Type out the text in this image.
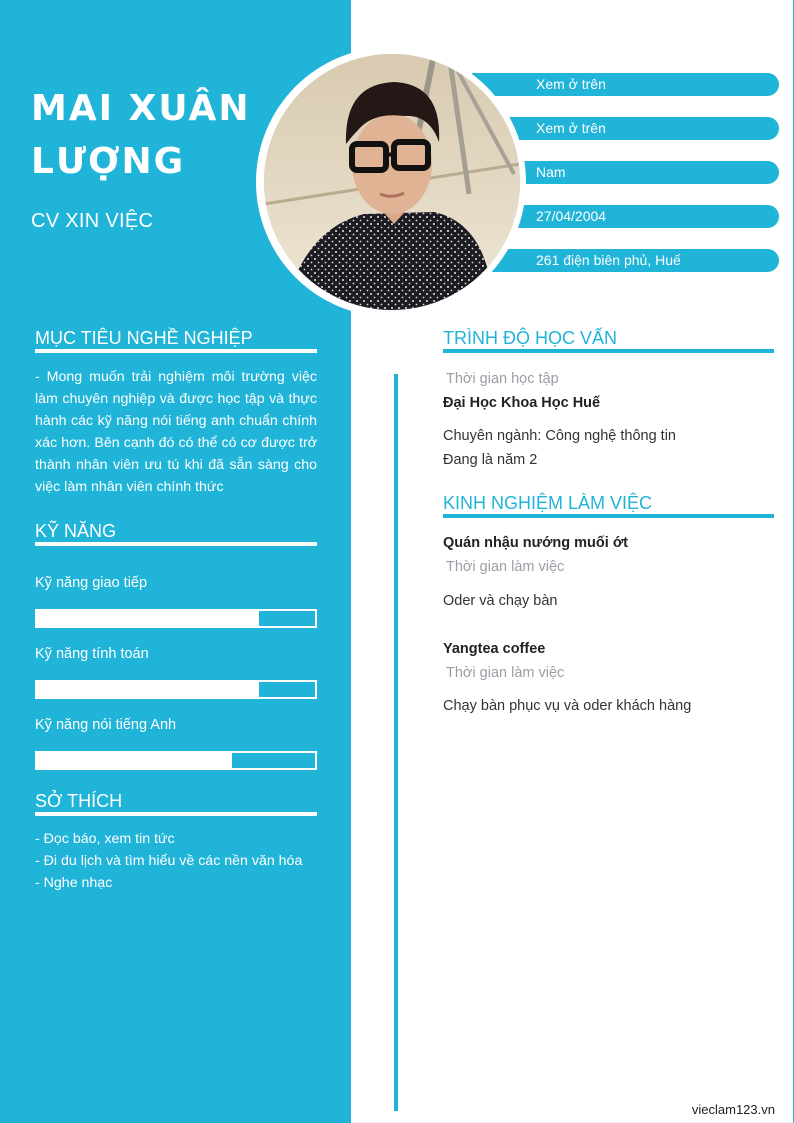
MAI XUÂN
LƯỢNG
CV XIN VIỆC
Xem ở trên
Xem ở trên
Nam
27/04/2004
261 điện biên phủ, Huế
MỤC TIÊU NGHỀ NGHIỆP
- Mong muốn trải nghiệm môi trường việc làm chuyên nghiệp và được học tập và thực hành các kỹ năng nói tiếng anh chuẩn chính xác hơn. Bên cạnh đó có thể có cơ được trở thành nhân viên ưu tú khi đã sẵn sàng cho việc làm nhân viên chính thức
KỸ NĂNG
Kỹ năng giao tiếp
Kỹ năng tính toán
Kỹ năng nói tiếng Anh
SỞ THÍCH
- Đọc báo, xem tin tức
- Đi du lịch và tìm hiểu về các nền văn hóa
- Nghe nhạc
TRÌNH ĐỘ HỌC VẤN
Thời gian học tập
Đại Học Khoa Học Huế
Chuyên ngành: Công nghệ thông tin
Đang là năm 2
KINH NGHIỆM LÀM VIỆC
Quán nhậu nướng muối ớt
Thời gian làm việc
Oder và chạy bàn
Yangtea coffee
Thời gian làm việc
Chạy bàn phục vụ và oder khách hàng
vieclam123.vn
